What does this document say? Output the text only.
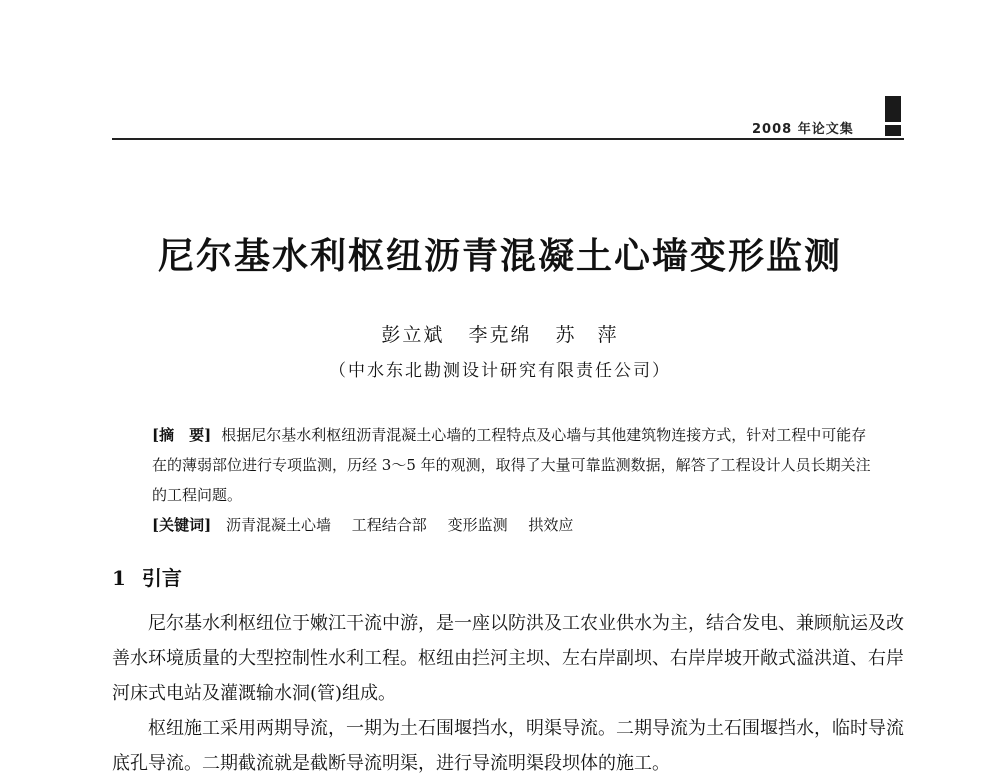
2008 年论文集
尼尔基水利枢纽沥青混凝土心墙变形监测
彭立斌 李克绵 苏　萍
（中水东北勘测设计研究有限责任公司）
[摘　要] 根据尼尔基水利枢纽沥青混凝土心墙的工程特点及心墙与其他建筑物连接方式，针对工程中可能存在的薄弱部位进行专项监测，历经 3～5 年的观测，取得了大量可靠监测数据，解答了工程设计人员长期关注的工程问题。
[关键词] 沥青混凝土心墙 工程结合部 变形监测 拱效应
1 引言

尼尔基水利枢纽位于嫩江干流中游，是一座以防洪及工农业供水为主，结合发电、兼顾航运及改善水环境质量的大型控制性水利工程。枢纽由拦河主坝、左右岸副坝、右岸岸坡开敞式溢洪道、右岸河床式电站及灌溉输水洞(管)组成。

枢纽施工采用两期导流，一期为土石围堰挡水，明渠导流。二期导流为土石围堰挡水，临时导流底孔导流。二期截流就是截断导流明渠，进行导流明渠段坝体的施工。
